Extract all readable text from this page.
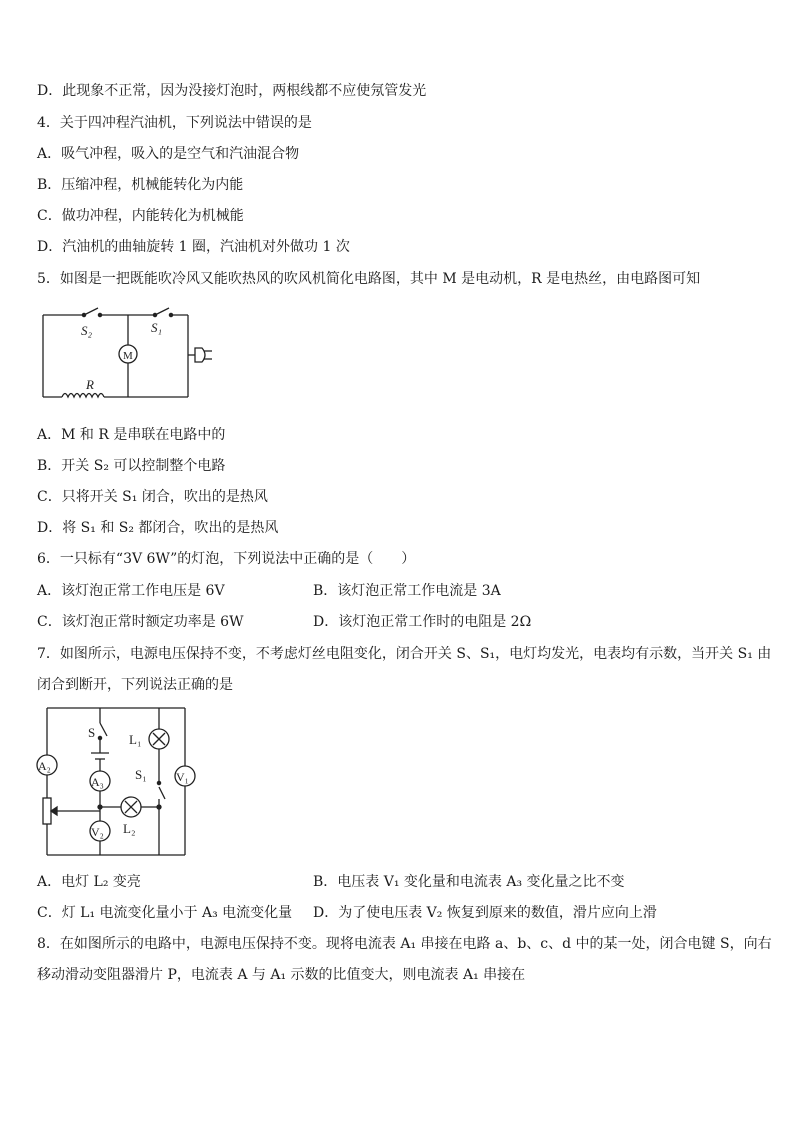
D．此现象不正常，因为没接灯泡时，两根线都不应使氖管发光
4．关于四冲程汽油机，下列说法中错误的是
A．吸气冲程，吸入的是空气和汽油混合物
B．压缩冲程，机械能转化为内能
C．做功冲程，内能转化为机械能
D．汽油机的曲轴旋转 1 圈，汽油机对外做功 1 次
5．如图是一把既能吹冷风又能吹热风的吹风机简化电路图，其中 M 是电动机，R 是电热丝，由电路图可知
S₂	S₁
M
R
A．M 和 R 是串联在电路中的
B．开关 S₂ 可以控制整个电路
C．只将开关 S₁ 闭合，吹出的是热风
D．将 S₁ 和 S₂ 都闭合，吹出的是热风
6．一只标有“3V 6W”的灯泡，下列说法中正确的是（　　）
A．该灯泡正常工作电压是 6V	B．该灯泡正常工作电流是 3A
C．该灯泡正常时额定功率是 6W	D．该灯泡正常工作时的电阻是 2Ω
7．如图所示，电源电压保持不变，不考虑灯丝电阻变化，闭合开关 S、S₁，电灯均发光，电表均有示数，当开关 S₁ 由
闭合到断开，下列说法正确的是
A₂
S
A₃
L₁
S₁ V₁
V₂ L₂
A．电灯 L₂ 变亮	B．电压表 V₁ 变化量和电流表 A₃ 变化量之比不变
C．灯 L₁ 电流变化量小于 A₃ 电流变化量 D．为了使电压表 V₂ 恢复到原来的数值，滑片应向上滑
8．在如图所示的电路中，电源电压保持不变。现将电流表 A₁ 串接在电路 a、b、c、d 中的某一处，闭合电键 S，向右
移动滑动变阻器滑片 P，电流表 A 与 A₁ 示数的比值变大，则电流表 A₁ 串接在
